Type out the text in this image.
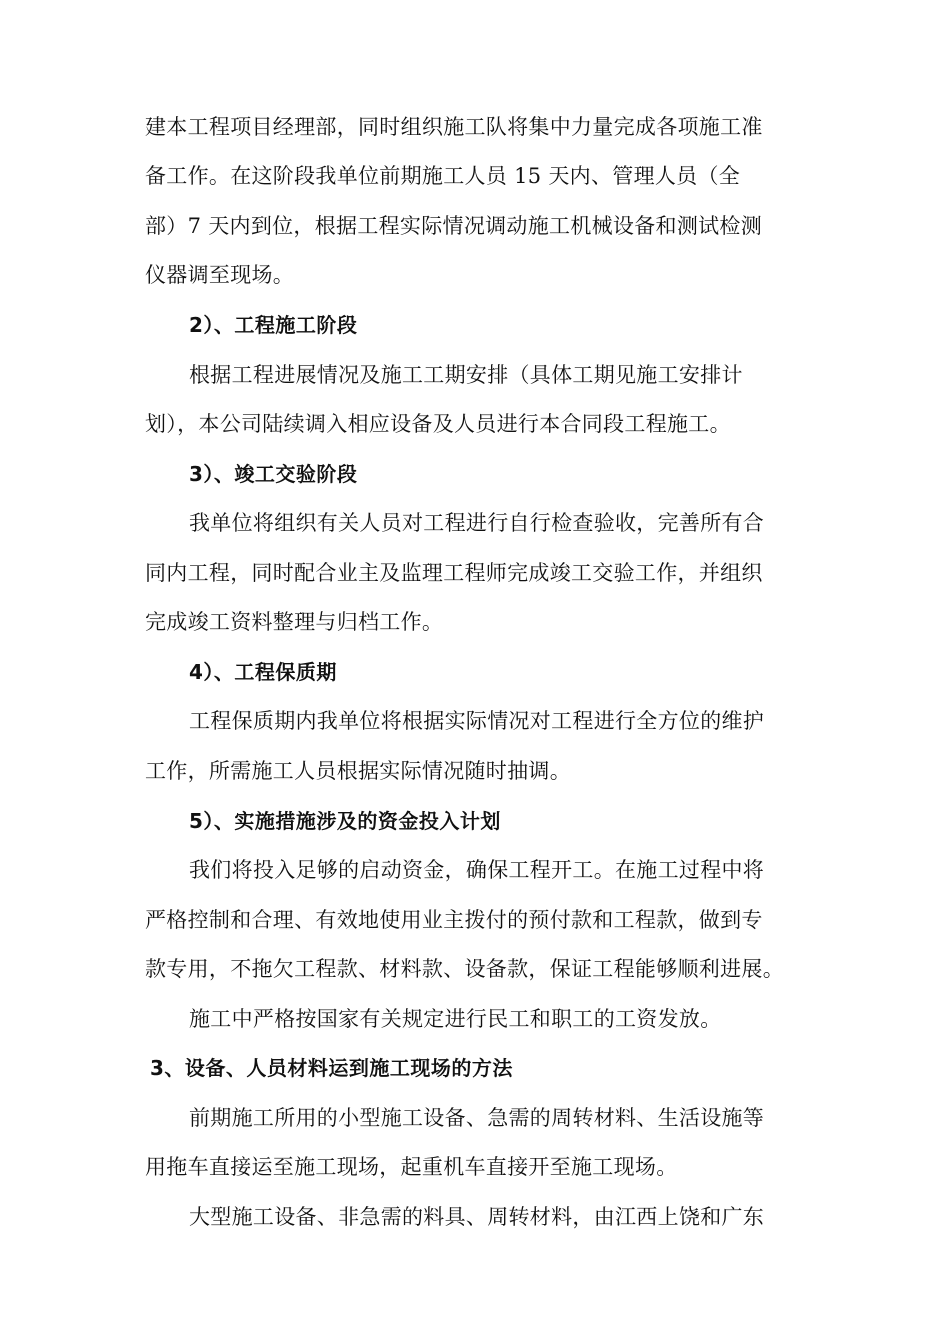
建本工程项目经理部，同时组织施工队将集中力量完成各项施工准
备工作。在这阶段我单位前期施工人员 15 天内、管理人员（全
部）7 天内到位，根据工程实际情况调动施工机械设备和测试检测
仪器调至现场。
2）、工程施工阶段
根据工程进展情况及施工工期安排（具体工期见施工安排计
划），本公司陆续调入相应设备及人员进行本合同段工程施工。
3）、竣工交验阶段
我单位将组织有关人员对工程进行自行检查验收，完善所有合
同内工程，同时配合业主及监理工程师完成竣工交验工作，并组织
完成竣工资料整理与归档工作。
4）、工程保质期
工程保质期内我单位将根据实际情况对工程进行全方位的维护
工作，所需施工人员根据实际情况随时抽调。
5）、实施措施涉及的资金投入计划
我们将投入足够的启动资金，确保工程开工。在施工过程中将
严格控制和合理、有效地使用业主拨付的预付款和工程款，做到专
款专用，不拖欠工程款、材料款、设备款，保证工程能够顺利进展。
施工中严格按国家有关规定进行民工和职工的工资发放。
3、设备、人员材料运到施工现场的方法
前期施工所用的小型施工设备、急需的周转材料、生活设施等
用拖车直接运至施工现场，起重机车直接开至施工现场。
大型施工设备、非急需的料具、周转材料，由江西上饶和广东
